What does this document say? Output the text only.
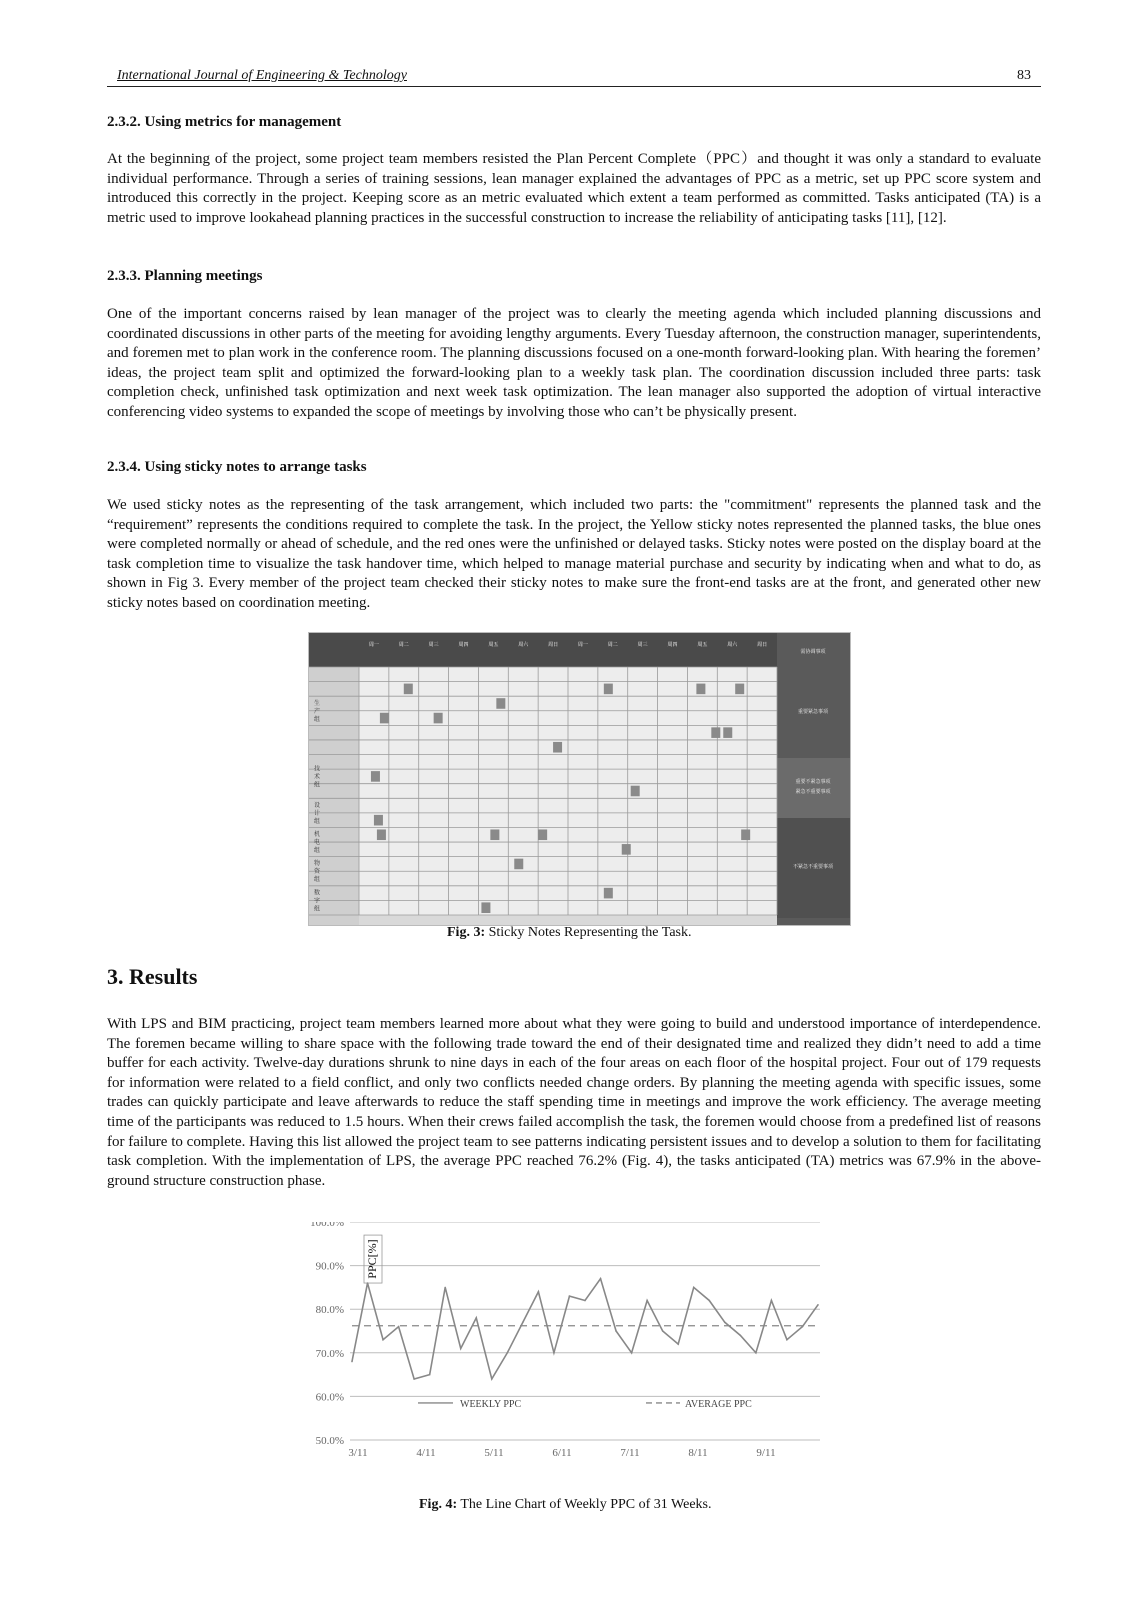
International Journal of Engineering & Technology	83
2.3.2. Using metrics for management
At the beginning of the project, some project team members resisted the Plan Percent Complete（PPC）and thought it was only a standard to evaluate individual performance. Through a series of training sessions, lean manager explained the advantages of PPC as a metric, set up PPC score system and introduced this correctly in the project. Keeping score as an metric evaluated which extent a team performed as committed. Tasks anticipated (TA) is a metric used to improve lookahead planning practices in the successful construction to increase the reliability of anticipating tasks [11], [12].
2.3.3. Planning meetings
One of the important concerns raised by lean manager of the project was to clearly the meeting agenda which included planning discussions and coordinated discussions in other parts of the meeting for avoiding lengthy arguments. Every Tuesday afternoon, the construction manager, superintendents, and foremen met to plan work in the conference room. The planning discussions focused on a one-month forward-looking plan. With hearing the foremen’ ideas, the project team split and optimized the forward-looking plan to a weekly task plan. The coordination discussion included three parts: task completion check, unfinished task optimization and next week task optimization. The lean manager also supported the adoption of virtual interactive conferencing video systems to expanded the scope of meetings by involving those who can’t be physically present.
2.3.4. Using sticky notes to arrange tasks
We used sticky notes as the representing of the task arrangement, which included two parts: the "commitment" represents the planned task and the “requirement” represents the conditions required to complete the task. In the project, the Yellow sticky notes represented the planned tasks, the blue ones were completed normally or ahead of schedule, and the red ones were the unfinished or delayed tasks. Sticky notes were posted on the display board at the task completion time to visualize the task handover time, which helped to manage material purchase and security by indicating when and what to do, as shown in Fig 3. Every member of the project team checked their sticky notes to make sure the front-end tasks are at the front, and generated other new sticky notes based on coordination meeting.
需协调事项
重要紧急事项
重要不紧急事项
紧急不重要事项
不紧急不重要事项
周一	周二	周三	周四	周五	周六	周日	周一	周二	周三	周四	周五	周六	周日
生
产
组
技
术
组
设
计
组
机
电
组
物
资
组
数
字
组
Fig. 3: Sticky Notes Representing the Task.
3. Results
With LPS and BIM practicing, project team members learned more about what they were going to build and understood importance of interdependence. The foremen became willing to share space with the following trade toward the end of their designated time and realized they didn’t need to add a time buffer for each activity. Twelve-day durations shrunk to nine days in each of the four areas on each floor of the hospital project. Four out of 179 requests for information were related to a field conflict, and only two conflicts needed change orders. By planning the meeting agenda with specific issues, some trades can quickly participate and leave afterwards to reduce the staff spending time in meetings and improve the work efficiency. The average meeting time of the participants was reduced to 1.5 hours. When their crews failed accomplish the task, the foremen would choose from a predefined list of reasons for failure to complete. Having this list allowed the project team to see patterns indicating persistent issues and to develop a solution to them for facilitating task completion. With the implementation of LPS, the average PPC reached 76.2% (Fig. 4), the tasks anticipated (TA) metrics was 67.9% in the above-ground structure construction phase.
100.0%
90.0%
80.0%
70.0%
60.0%
50.0%
PPC[%]
3/11	4/11	5/11	6/11	7/11	8/11	9/11
WEEKLY PPC	AVERAGE PPC
Fig. 4: The Line Chart of Weekly PPC of 31 Weeks.
